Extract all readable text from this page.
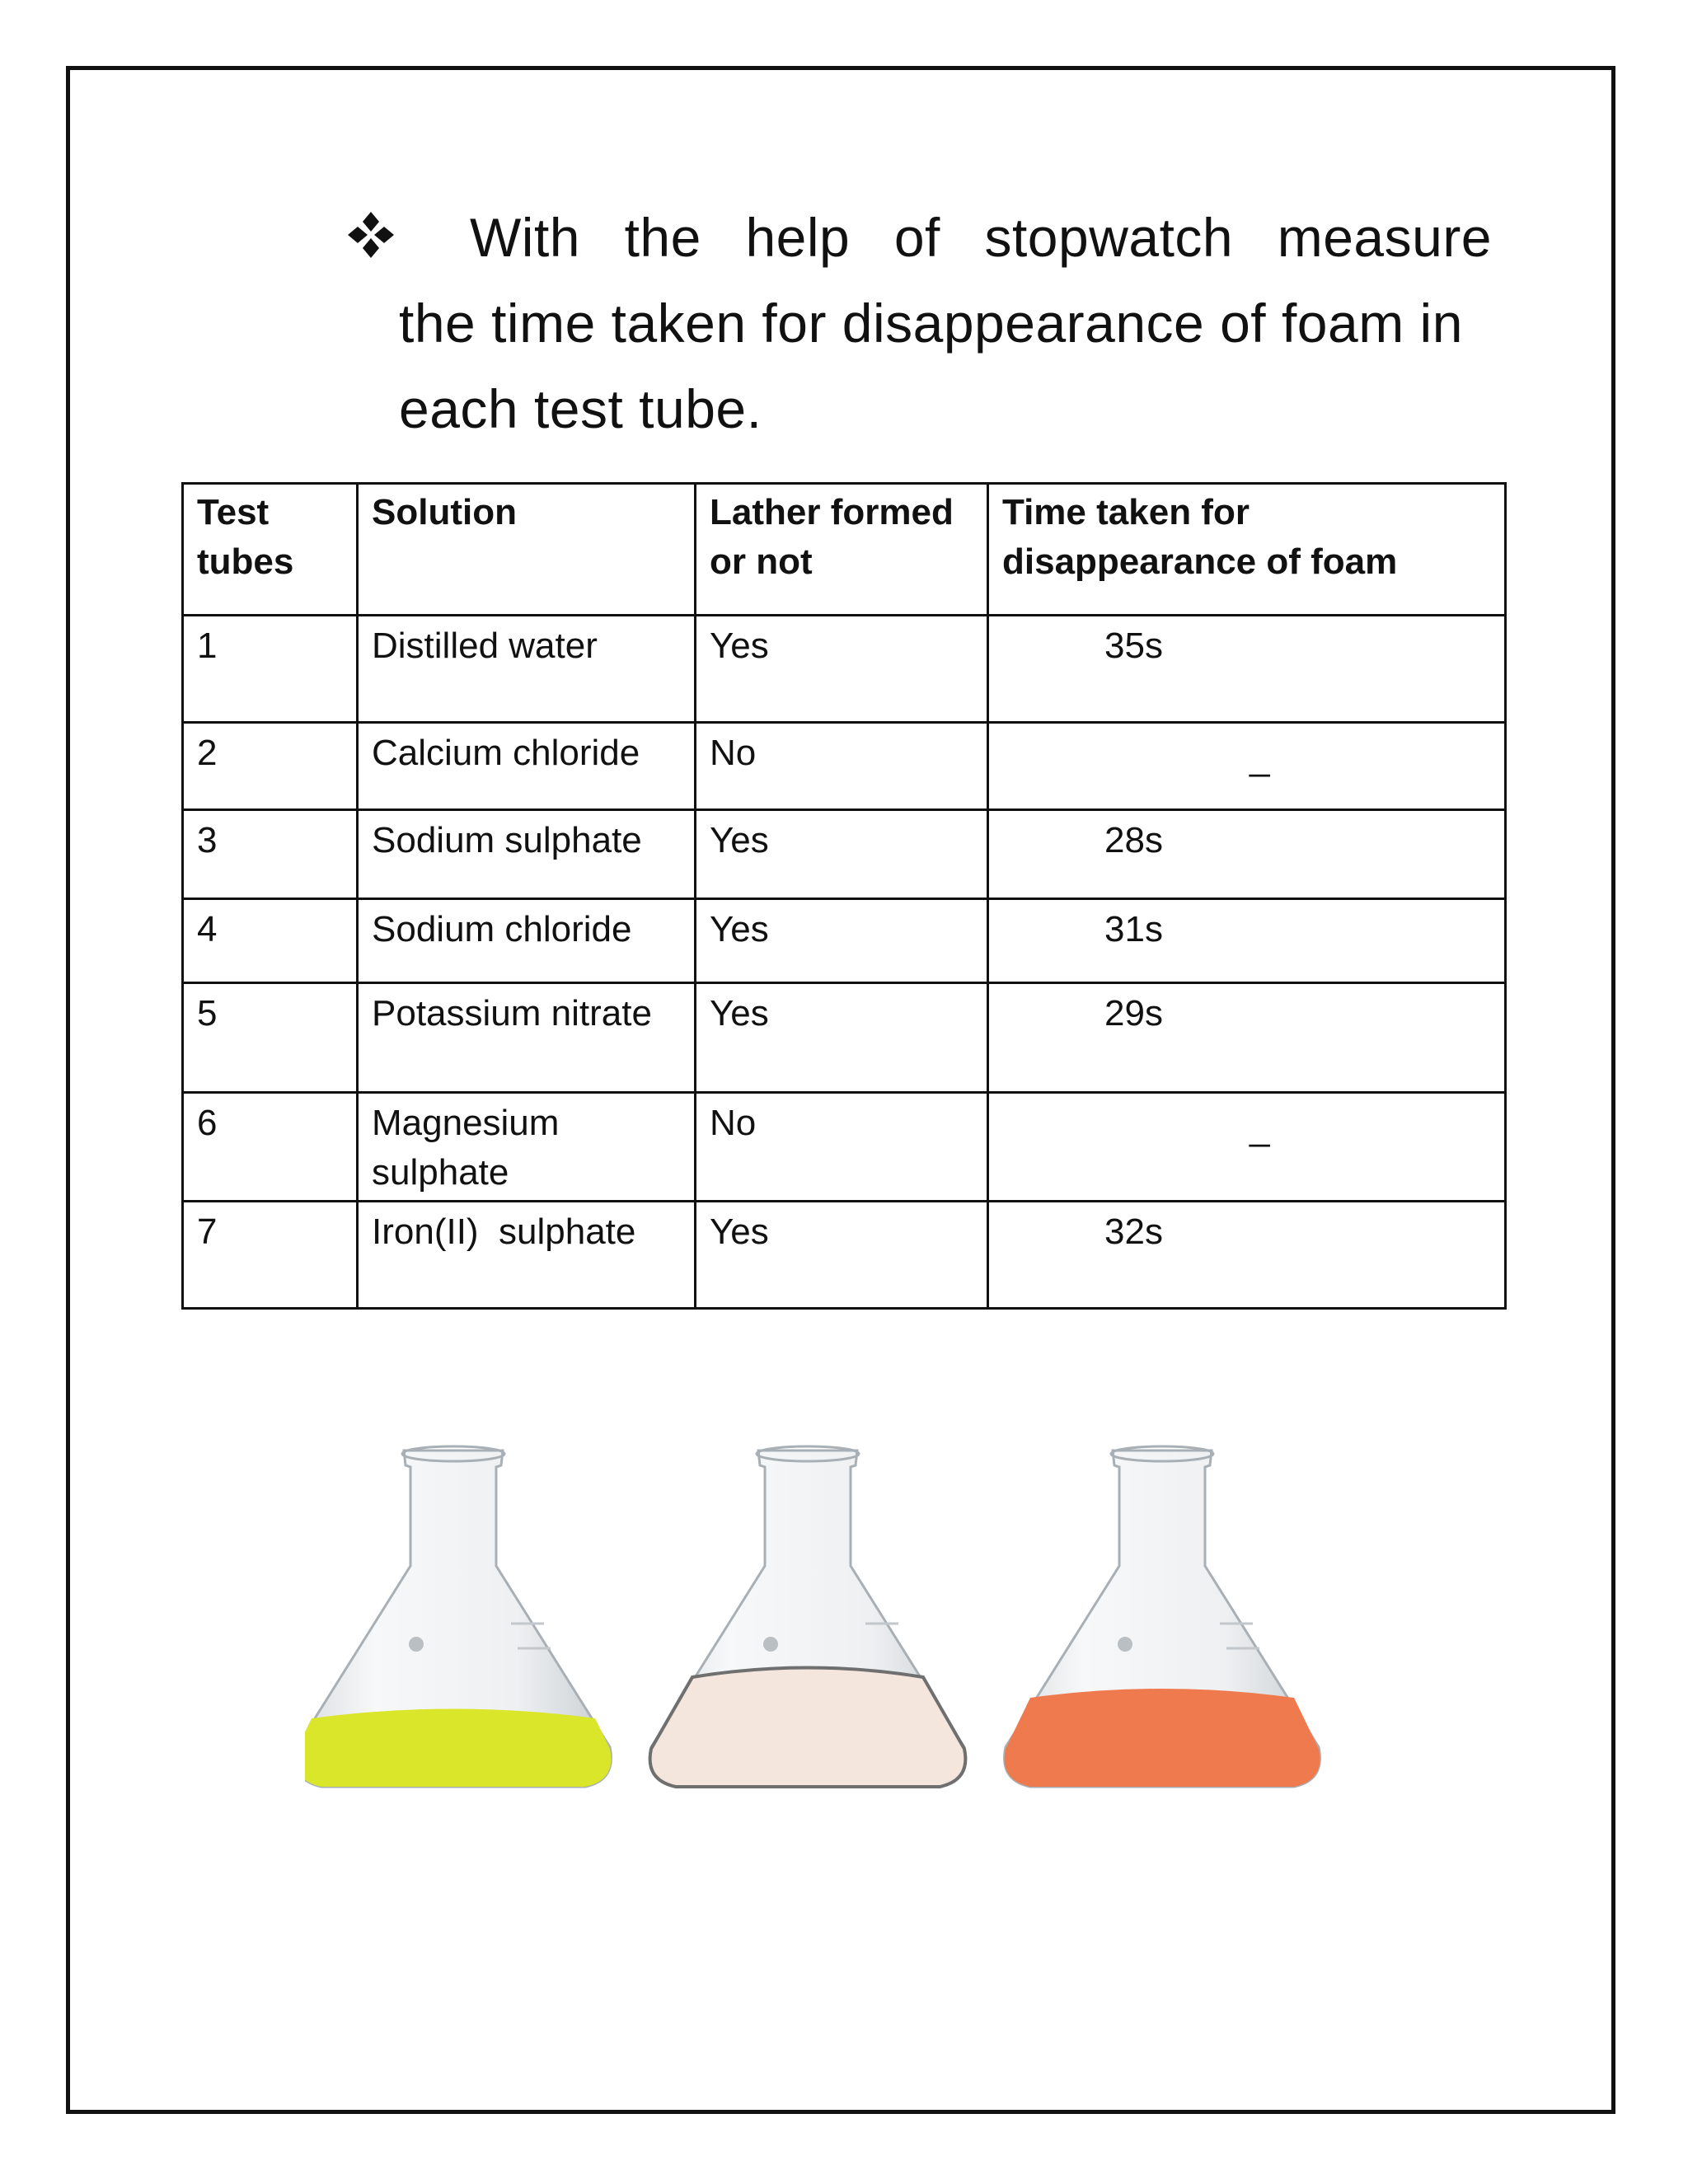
With the help of stopwatch measure
the time taken for disappearance of foam in
each test tube.
Test tubes	Solution	Lather formed or not	Time taken for disappearance of foam
1	Distilled water	Yes	35s
2	Calcium chloride	No	_
3	Sodium sulphate	Yes	28s
4	Sodium chloride	Yes	31s
5	Potassium nitrate	Yes	29s
6	Magnesium sulphate	No	_
7	Iron(II)  sulphate	Yes	32s
